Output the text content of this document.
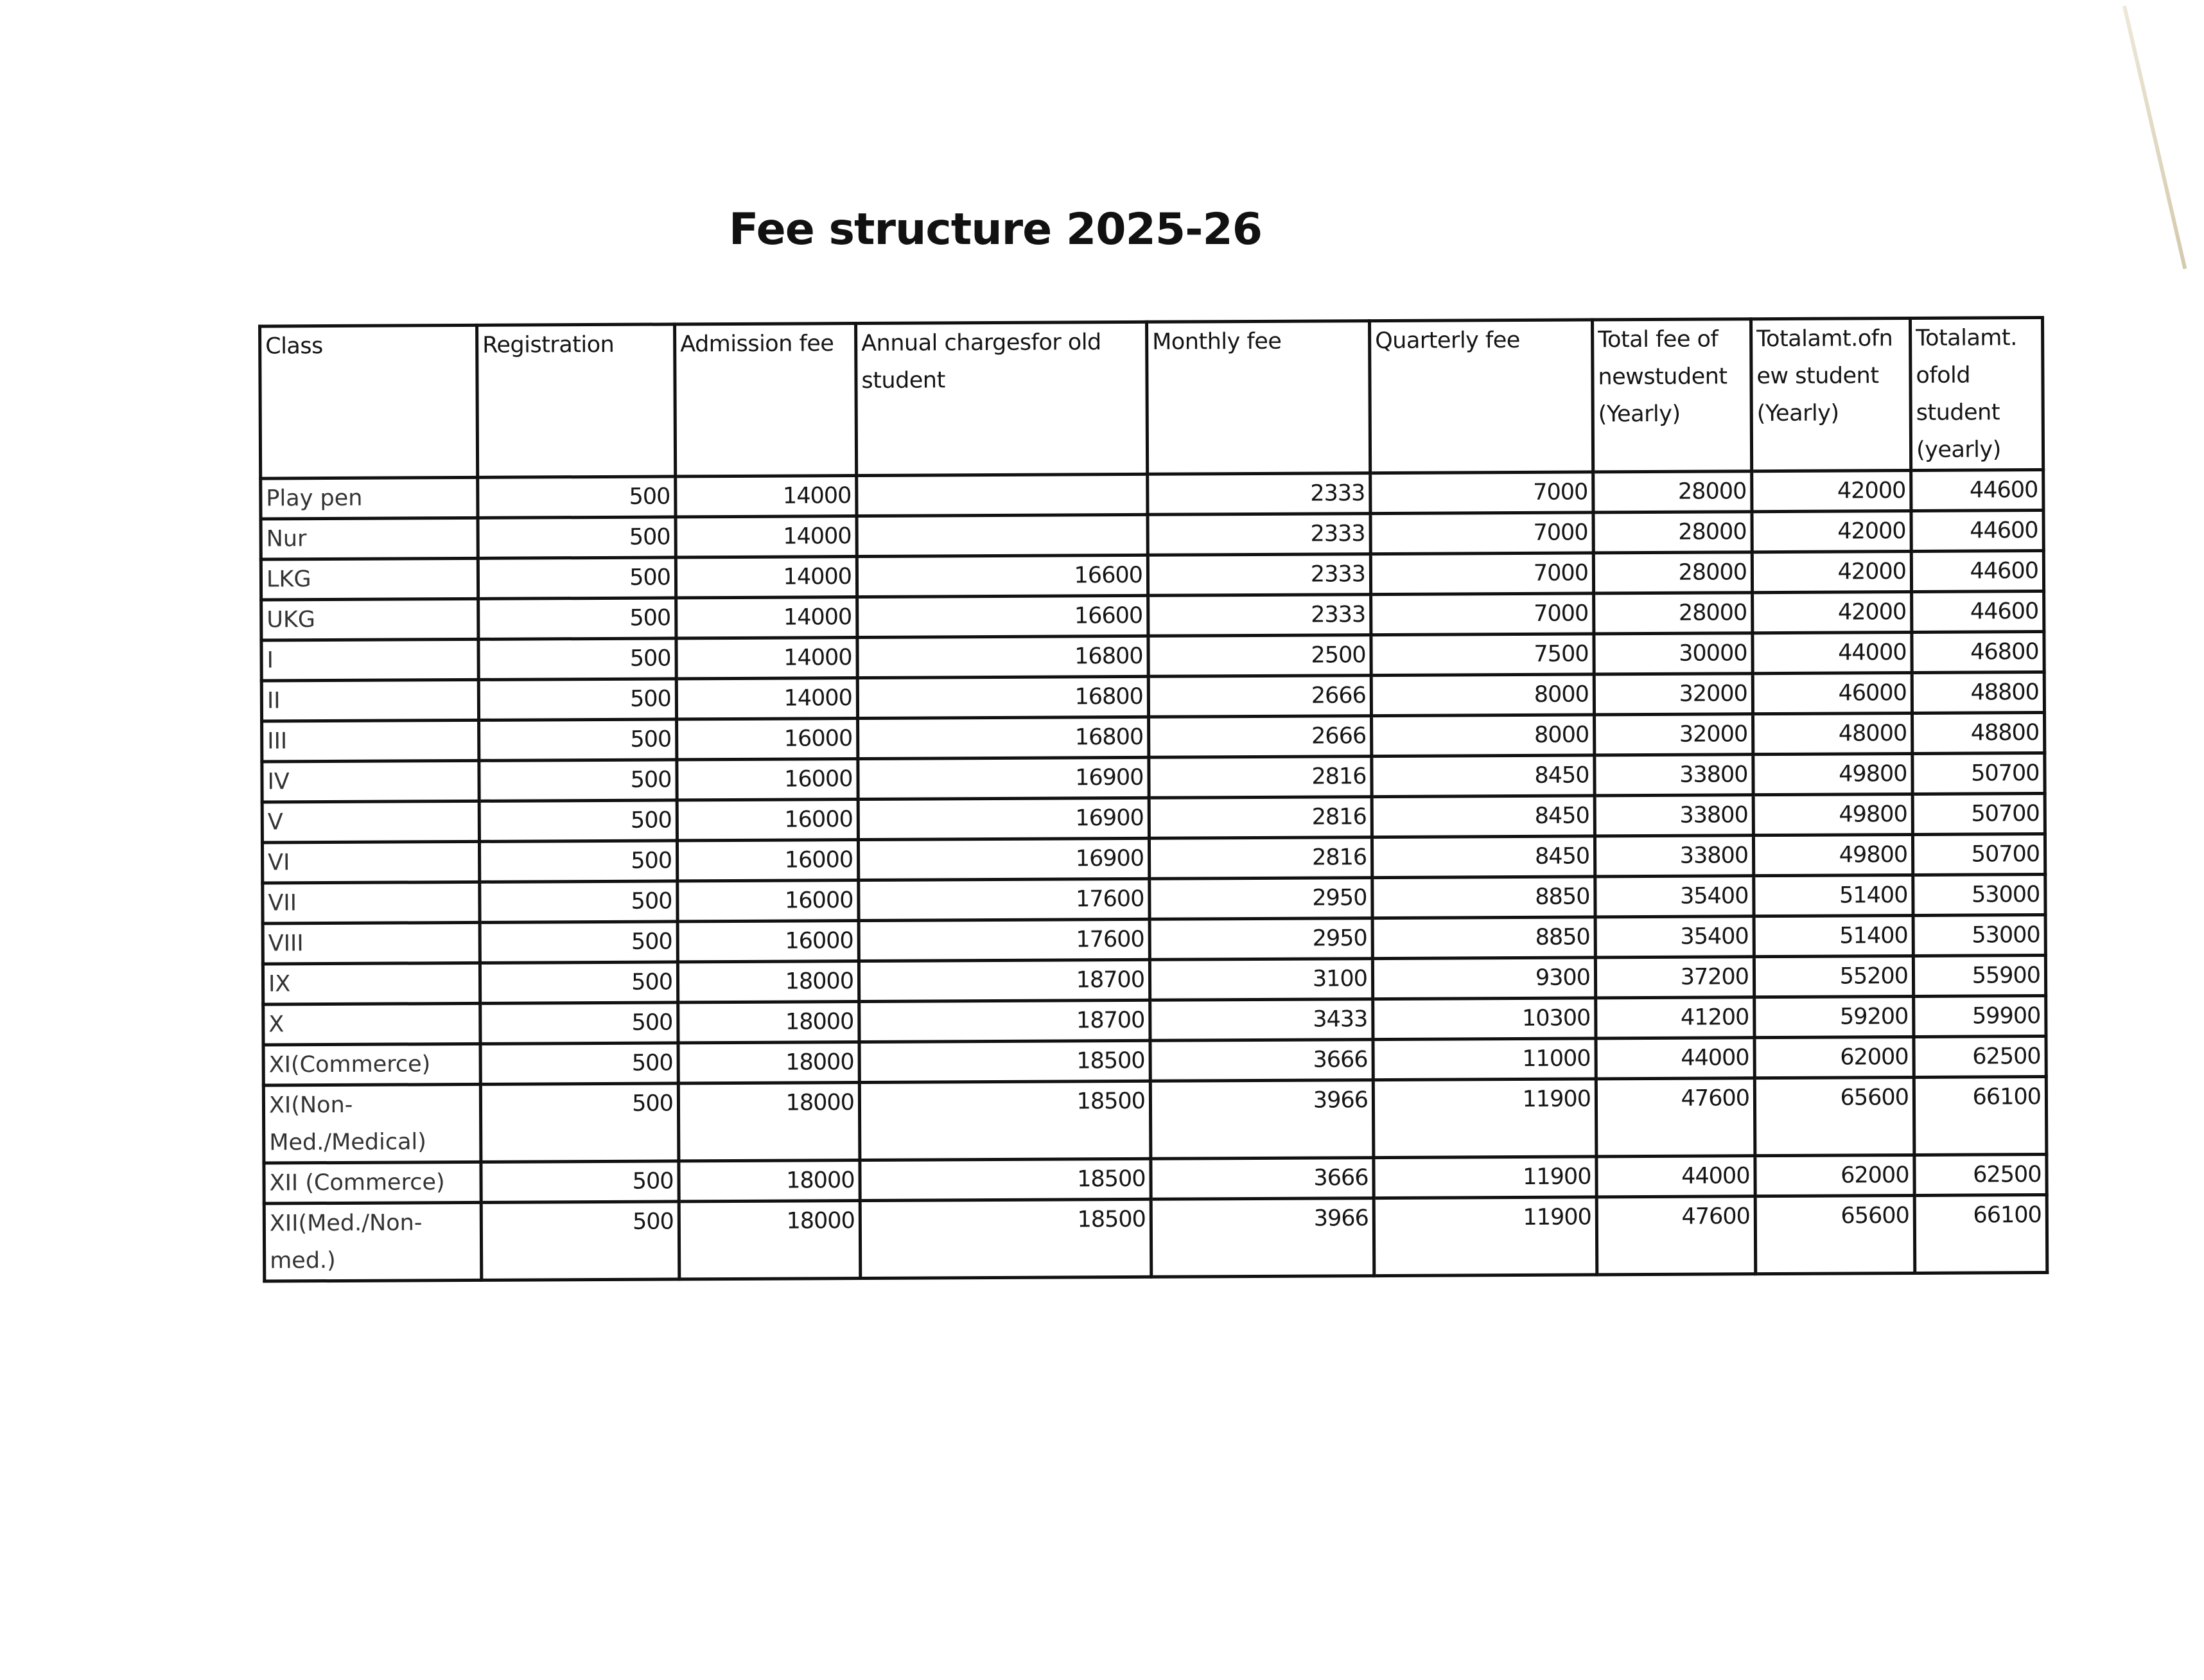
Fee structure 2025-26
Class	Registration	Admission fee	Annual chargesfor old student	Monthly fee	Quarterly fee	Total fee of newstudent (Yearly)	Totalamt.ofn ew student (Yearly)	Totalamt. ofold student (yearly)
Play pen	500	14000		2333	7000	28000	42000	44600
Nur	500	14000		2333	7000	28000	42000	44600
LKG	500	14000	16600	2333	7000	28000	42000	44600
UKG	500	14000	16600	2333	7000	28000	42000	44600
I	500	14000	16800	2500	7500	30000	44000	46800
II	500	14000	16800	2666	8000	32000	46000	48800
III	500	16000	16800	2666	8000	32000	48000	48800
IV	500	16000	16900	2816	8450	33800	49800	50700
V	500	16000	16900	2816	8450	33800	49800	50700
VI	500	16000	16900	2816	8450	33800	49800	50700
VII	500	16000	17600	2950	8850	35400	51400	53000
VIII	500	16000	17600	2950	8850	35400	51400	53000
IX	500	18000	18700	3100	9300	37200	55200	55900
X	500	18000	18700	3433	10300	41200	59200	59900
XI(Commerce)	500	18000	18500	3666	11000	44000	62000	62500
XI(Non-Med./Medical)	500	18000	18500	3966	11900	47600	65600	66100
XII (Commerce)	500	18000	18500	3666	11900	44000	62000	62500
XII(Med./Non-med.)	500	18000	18500	3966	11900	47600	65600	66100
